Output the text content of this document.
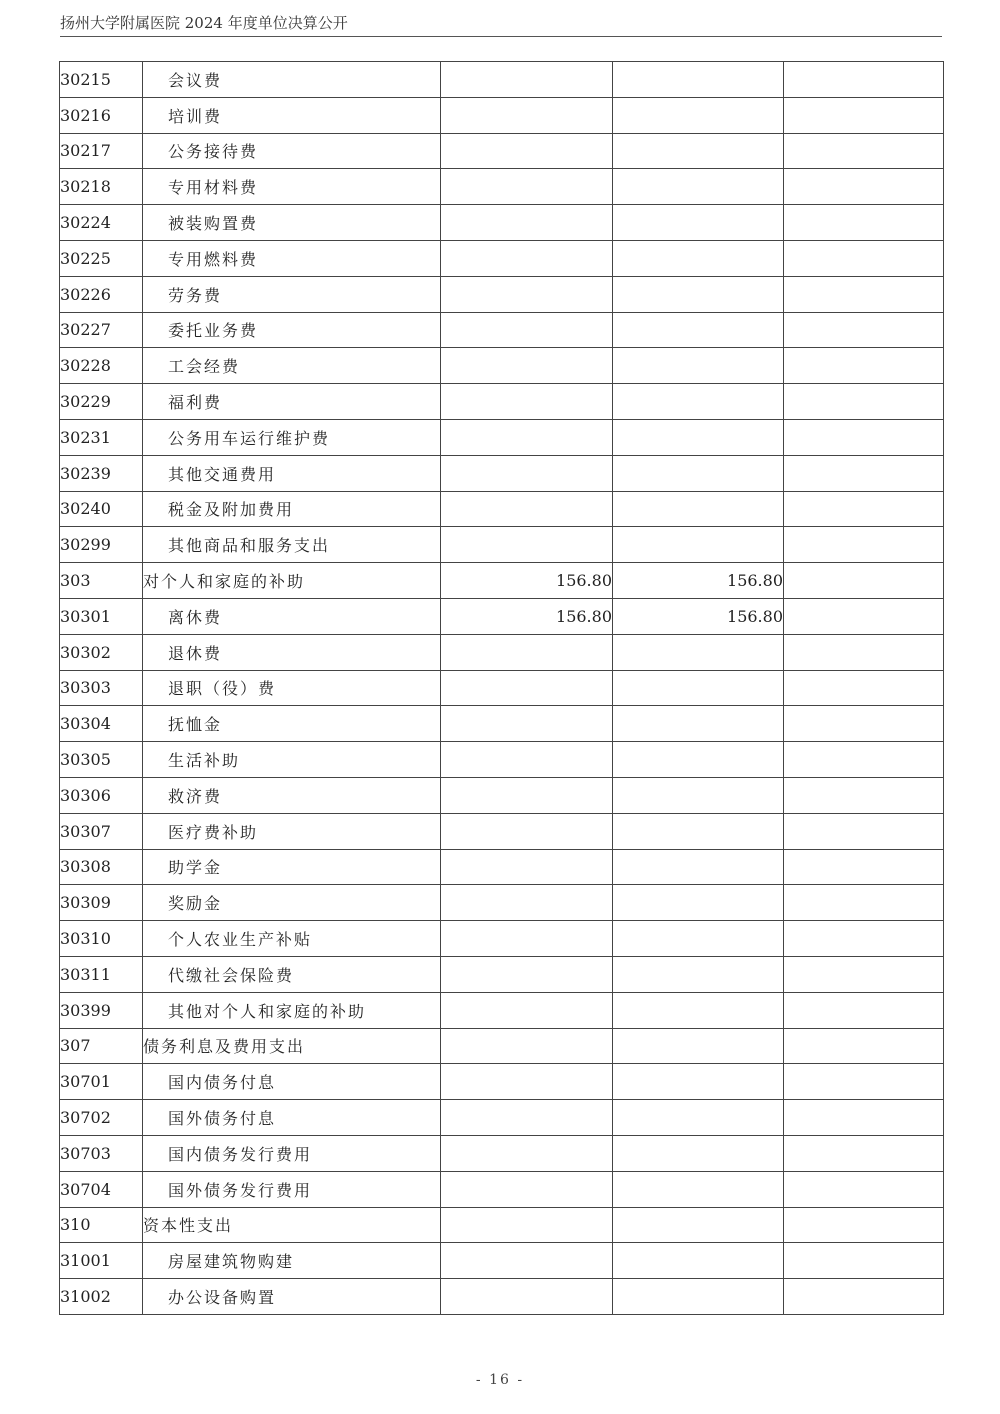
扬州大学附属医院 2024 年度单位决算公开
30215	会议费			
30216	培训费			
30217	公务接待费			
30218	专用材料费			
30224	被装购置费			
30225	专用燃料费			
30226	劳务费			
30227	委托业务费			
30228	工会经费			
30229	福利费			
30231	公务用车运行维护费			
30239	其他交通费用			
30240	税金及附加费用			
30299	其他商品和服务支出			
303	对个人和家庭的补助	156.80	156.80	
30301	离休费	156.80	156.80	
30302	退休费			
30303	退职（役）费			
30304	抚恤金			
30305	生活补助			
30306	救济费			
30307	医疗费补助			
30308	助学金			
30309	奖励金			
30310	个人农业生产补贴			
30311	代缴社会保险费			
30399	其他对个人和家庭的补助			
307	债务利息及费用支出			
30701	国内债务付息			
30702	国外债务付息			
30703	国内债务发行费用			
30704	国外债务发行费用			
310	资本性支出			
31001	房屋建筑物购建			
31002	办公设备购置			
- 16 -
